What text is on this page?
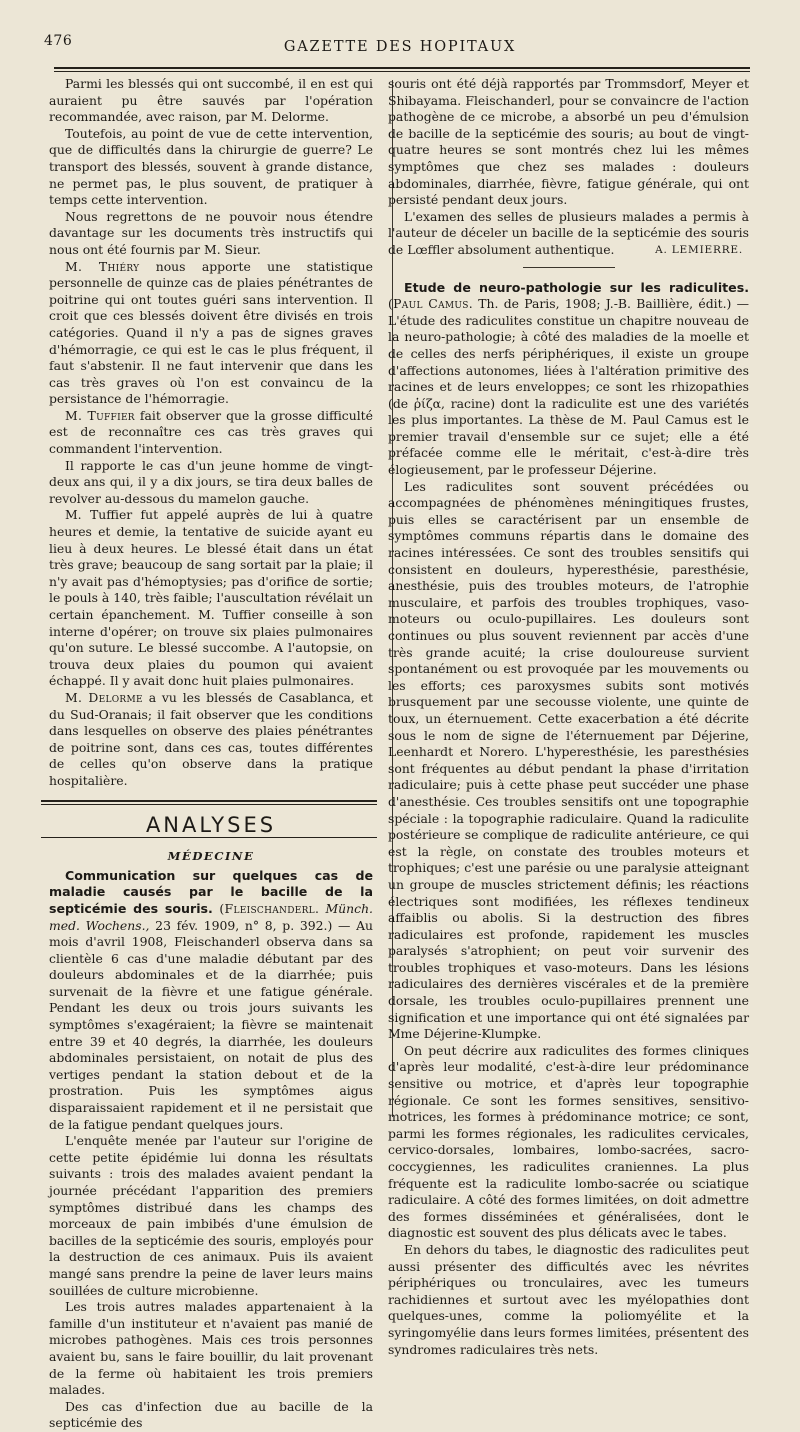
476	GAZETTE DES HOPITAUX

Parmi les blessés qui ont succombé, il en est qui auraient pu être sauvés par l'opération recommandée, avec raison, par M. Delorme.

Toutefois, au point de vue de cette intervention, que de difficultés dans la chirurgie de guerre? Le transport des blessés, souvent à grande distance, ne permet pas, le plus souvent, de pratiquer à temps cette intervention.

Nous regrettons de ne pouvoir nous étendre davantage sur les documents très instructifs qui nous ont été fournis par M. Sieur.

M. Thiéry nous apporte une statistique personnelle de quinze cas de plaies pénétrantes de poitrine qui ont toutes guéri sans intervention. Il croit que ces blessés doivent être divisés en trois catégories. Quand il n'y a pas de signes graves d'hémorragie, ce qui est le cas le plus fréquent, il faut s'abstenir. Il ne faut intervenir que dans les cas très graves où l'on est convaincu de la persistance de l'hémorragie.

M. Tuffier fait observer que la grosse difficulté est de reconnaître ces cas très graves qui commandent l'intervention.

Il rapporte le cas d'un jeune homme de vingt-deux ans qui, il y a dix jours, se tira deux balles de revolver au-dessous du mamelon gauche.

M. Tuffier fut appelé auprès de lui à quatre heures et demie, la tentative de suicide ayant eu lieu à deux heures. Le blessé était dans un état très grave; beaucoup de sang sortait par la plaie; il n'y avait pas d'hémoptysies; pas d'orifice de sortie; le pouls à 140, très faible; l'auscultation révélait un certain épanchement. M. Tuffier conseille à son interne d'opérer; on trouve six plaies pulmonaires qu'on suture. Le blessé succombe. A l'autopsie, on trouva deux plaies du poumon qui avaient échappé. Il y avait donc huit plaies pulmonaires.

M. Delorme a vu les blessés de Casablanca, et du Sud-Oranais; il fait observer que les conditions dans lesquelles on observe des plaies pénétrantes de poitrine sont, dans ces cas, toutes différentes de celles qu'on observe dans la pratique hospitalière.

ANALYSES
MÉDECINE

Communication sur quelques cas de maladie causés par le bacille de la septicémie des souris. (Fleischanderl. Münch. med. Wochens., 23 fév. 1909, n° 8, p. 392.) — Au mois d'avril 1908, Fleischanderl observa dans sa clientèle 6 cas d'une maladie débutant par des douleurs abdominales et de la diarrhée; puis survenait de la fièvre et une fatigue générale. Pendant les deux ou trois jours suivants les symptômes s'exagéraient; la fièvre se maintenait entre 39 et 40 degrés, la diarrhée, les douleurs abdominales persistaient, on notait de plus des vertiges pendant la station debout et de la prostration. Puis les symptômes aigus disparaissaient rapidement et il ne persistait que de la fatigue pendant quelques jours.

L'enquête menée par l'auteur sur l'origine de cette petite épidémie lui donna les résultats suivants : trois des malades avaient pendant la journée précédant l'apparition des premiers symptômes distribué dans les champs des morceaux de pain imbibés d'une émulsion de bacilles de la septicémie des souris, employés pour la destruction de ces animaux. Puis ils avaient mangé sans prendre la peine de laver leurs mains souillées de culture microbienne.

Les trois autres malades appartenaient à la famille d'un instituteur et n'avaient pas manié de microbes pathogènes. Mais ces trois personnes avaient bu, sans le faire bouillir, du lait provenant de la ferme où habitaient les trois premiers malades.

Des cas d'infection due au bacille de la septicémie des

souris ont été déjà rapportés par Trommsdorf, Meyer et Shibayama. Fleischanderl, pour se convaincre de l'action pathogène de ce microbe, a absorbé un peu d'émulsion de bacille de la septicémie des souris; au bout de vingt-quatre heures se sont montrés chez lui les mêmes symptômes que chez ses malades : douleurs abdominales, diarrhée, fièvre, fatigue générale, qui ont persisté pendant deux jours.

L'examen des selles de plusieurs malades a permis à l'auteur de déceler un bacille de la septicémie des souris de Lœffler absolument authentique.	A. LEMIERRE.

Etude de neuro-pathologie sur les radiculites. (Paul Camus. Th. de Paris, 1908; J.-B. Baillière, édit.) — L'étude des radiculites constitue un chapitre nouveau de la neuro-pathologie; à côté des maladies de la moelle et de celles des nerfs périphériques, il existe un groupe d'affections autonomes, liées à l'altération primitive des racines et de leurs enveloppes; ce sont les rhizopathies (de ῥίζα, racine) dont la radiculite est une des variétés les plus importantes. La thèse de M. Paul Camus est le premier travail d'ensemble sur ce sujet; elle a été préfacée comme elle le méritait, c'est-à-dire très élogieusement, par le professeur Déjerine.

Les radiculites sont souvent précédées ou accompagnées de phénomènes méningitiques frustes, puis elles se caractérisent par un ensemble de symptômes communs répartis dans le domaine des racines intéressées. Ce sont des troubles sensitifs qui consistent en douleurs, hyperesthésie, paresthésie, anesthésie, puis des troubles moteurs, de l'atrophie musculaire, et parfois des troubles trophiques, vaso-moteurs ou oculo-pupillaires. Les douleurs sont continues ou plus souvent reviennent par accès d'une très grande acuité; la crise douloureuse survient spontanément ou est provoquée par les mouvements ou les efforts; ces paroxysmes subits sont motivés brusquement par une secousse violente, une quinte de toux, un éternuement. Cette exacerbation a été décrite sous le nom de signe de l'éternuement par Déjerine, Leenhardt et Norero. L'hyperesthésie, les paresthésies sont fréquentes au début pendant la phase d'irritation radiculaire; puis à cette phase peut succéder une phase d'anesthésie. Ces troubles sensitifs ont une topographie spéciale : la topographie radiculaire. Quand la radiculite postérieure se complique de radiculite antérieure, ce qui est la règle, on constate des troubles moteurs et trophiques; c'est une parésie ou une paralysie atteignant un groupe de muscles strictement définis; les réactions électriques sont modifiées, les réflexes tendineux affaiblis ou abolis. Si la destruction des fibres radiculaires est profonde, rapidement les muscles paralysés s'atrophient; on peut voir survenir des troubles trophiques et vaso-moteurs. Dans les lésions radiculaires des dernières viscérales et de la première dorsale, les troubles oculo-pupillaires prennent une signification et une importance qui ont été signalées par Mme Déjerine-Klumpke.

On peut décrire aux radiculites des formes cliniques d'après leur modalité, c'est-à-dire leur prédominance sensitive ou motrice, et d'après leur topographie régionale. Ce sont les formes sensitives, sensitivo-motrices, les formes à prédominance motrice; ce sont, parmi les formes régionales, les radiculites cervicales, cervico-dorsales, lombaires, lombo-sacrées, sacro-coccygiennes, les radiculites craniennes. La plus fréquente est la radiculite lombo-sacrée ou sciatique radiculaire. A côté des formes limitées, on doit admettre des formes disséminées et généralisées, dont le diagnostic est souvent des plus délicats avec le tabes.

En dehors du tabes, le diagnostic des radiculites peut aussi présenter des difficultés avec les névrites périphériques ou tronculaires, avec les tumeurs rachidiennes et surtout avec les myélopathies dont quelques-unes, comme la poliomyélite et la syringomyélie dans leurs formes limitées, présentent des syndromes radiculaires très nets.
